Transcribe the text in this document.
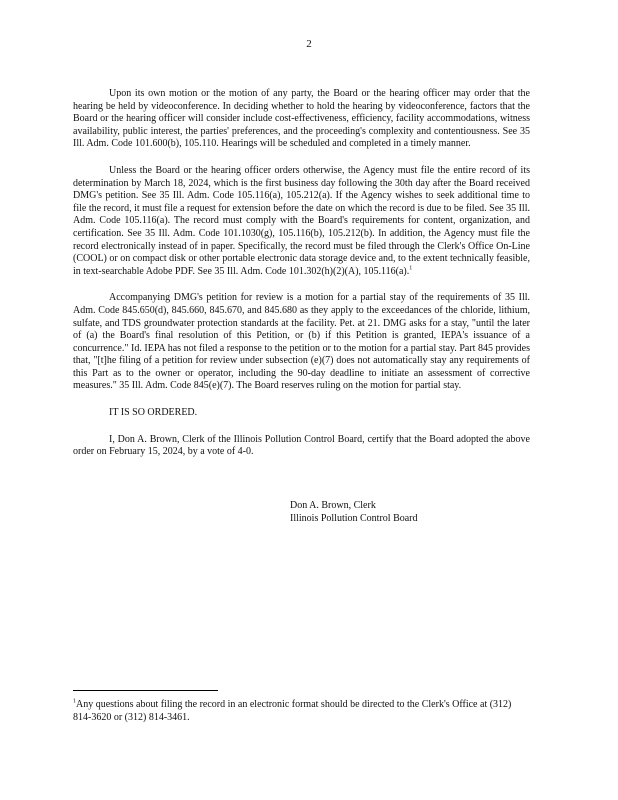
2

Upon its own motion or the motion of any party, the Board or the hearing officer may order that the hearing be held by videoconference. In deciding whether to hold the hearing by videoconference, factors that the Board or the hearing officer will consider include cost-effectiveness, efficiency, facility accommodations, witness availability, public interest, the parties' preferences, and the proceeding's complexity and contentiousness. See 35 Ill. Adm. Code 101.600(b), 105.110. Hearings will be scheduled and completed in a timely manner.

Unless the Board or the hearing officer orders otherwise, the Agency must file the entire record of its determination by March 18, 2024, which is the first business day following the 30th day after the Board received DMG's petition. See 35 Ill. Adm. Code 105.116(a), 105.212(a). If the Agency wishes to seek additional time to file the record, it must file a request for extension before the date on which the record is due to be filed. See 35 Ill. Adm. Code 105.116(a). The record must comply with the Board's requirements for content, organization, and certification. See 35 Ill. Adm. Code 101.1030(g), 105.116(b), 105.212(b). In addition, the Agency must file the record electronically instead of in paper. Specifically, the record must be filed through the Clerk's Office On-Line (COOL) or on compact disk or other portable electronic data storage device and, to the extent technically feasible, in text-searchable Adobe PDF. See 35 Ill. Adm. Code 101.302(h)(2)(A), 105.116(a).$^1$

Accompanying DMG's petition for review is a motion for a partial stay of the requirements of 35 Ill. Adm. Code 845.650(d), 845.660, 845.670, and 845.680 as they apply to the exceedances of the chloride, lithium, sulfate, and TDS groundwater protection standards at the facility. Pet. at 21. DMG asks for a stay, "until the later of (a) the Board's final resolution of this Petition, or (b) if this Petition is granted, IEPA's issuance of a concurrence." Id. IEPA has not filed a response to the petition or to the motion for a partial stay. Part 845 provides that, "[t]he filing of a petition for review under subsection (e)(7) does not automatically stay any requirements of this Part as to the owner or operator, including the 90-day deadline to initiate an assessment of corrective measures." 35 Ill. Adm. Code 845(e)(7). The Board reserves ruling on the motion for partial stay.

IT IS SO ORDERED.

I, Don A. Brown, Clerk of the Illinois Pollution Control Board, certify that the Board adopted the above order on February 15, 2024, by a vote of 4-0.

Don A. Brown, Clerk
Illinois Pollution Control Board
$^1$Any questions about filing the record in an electronic format should be directed to the Clerk's Office at (312) 814-3620 or (312) 814-3461.
